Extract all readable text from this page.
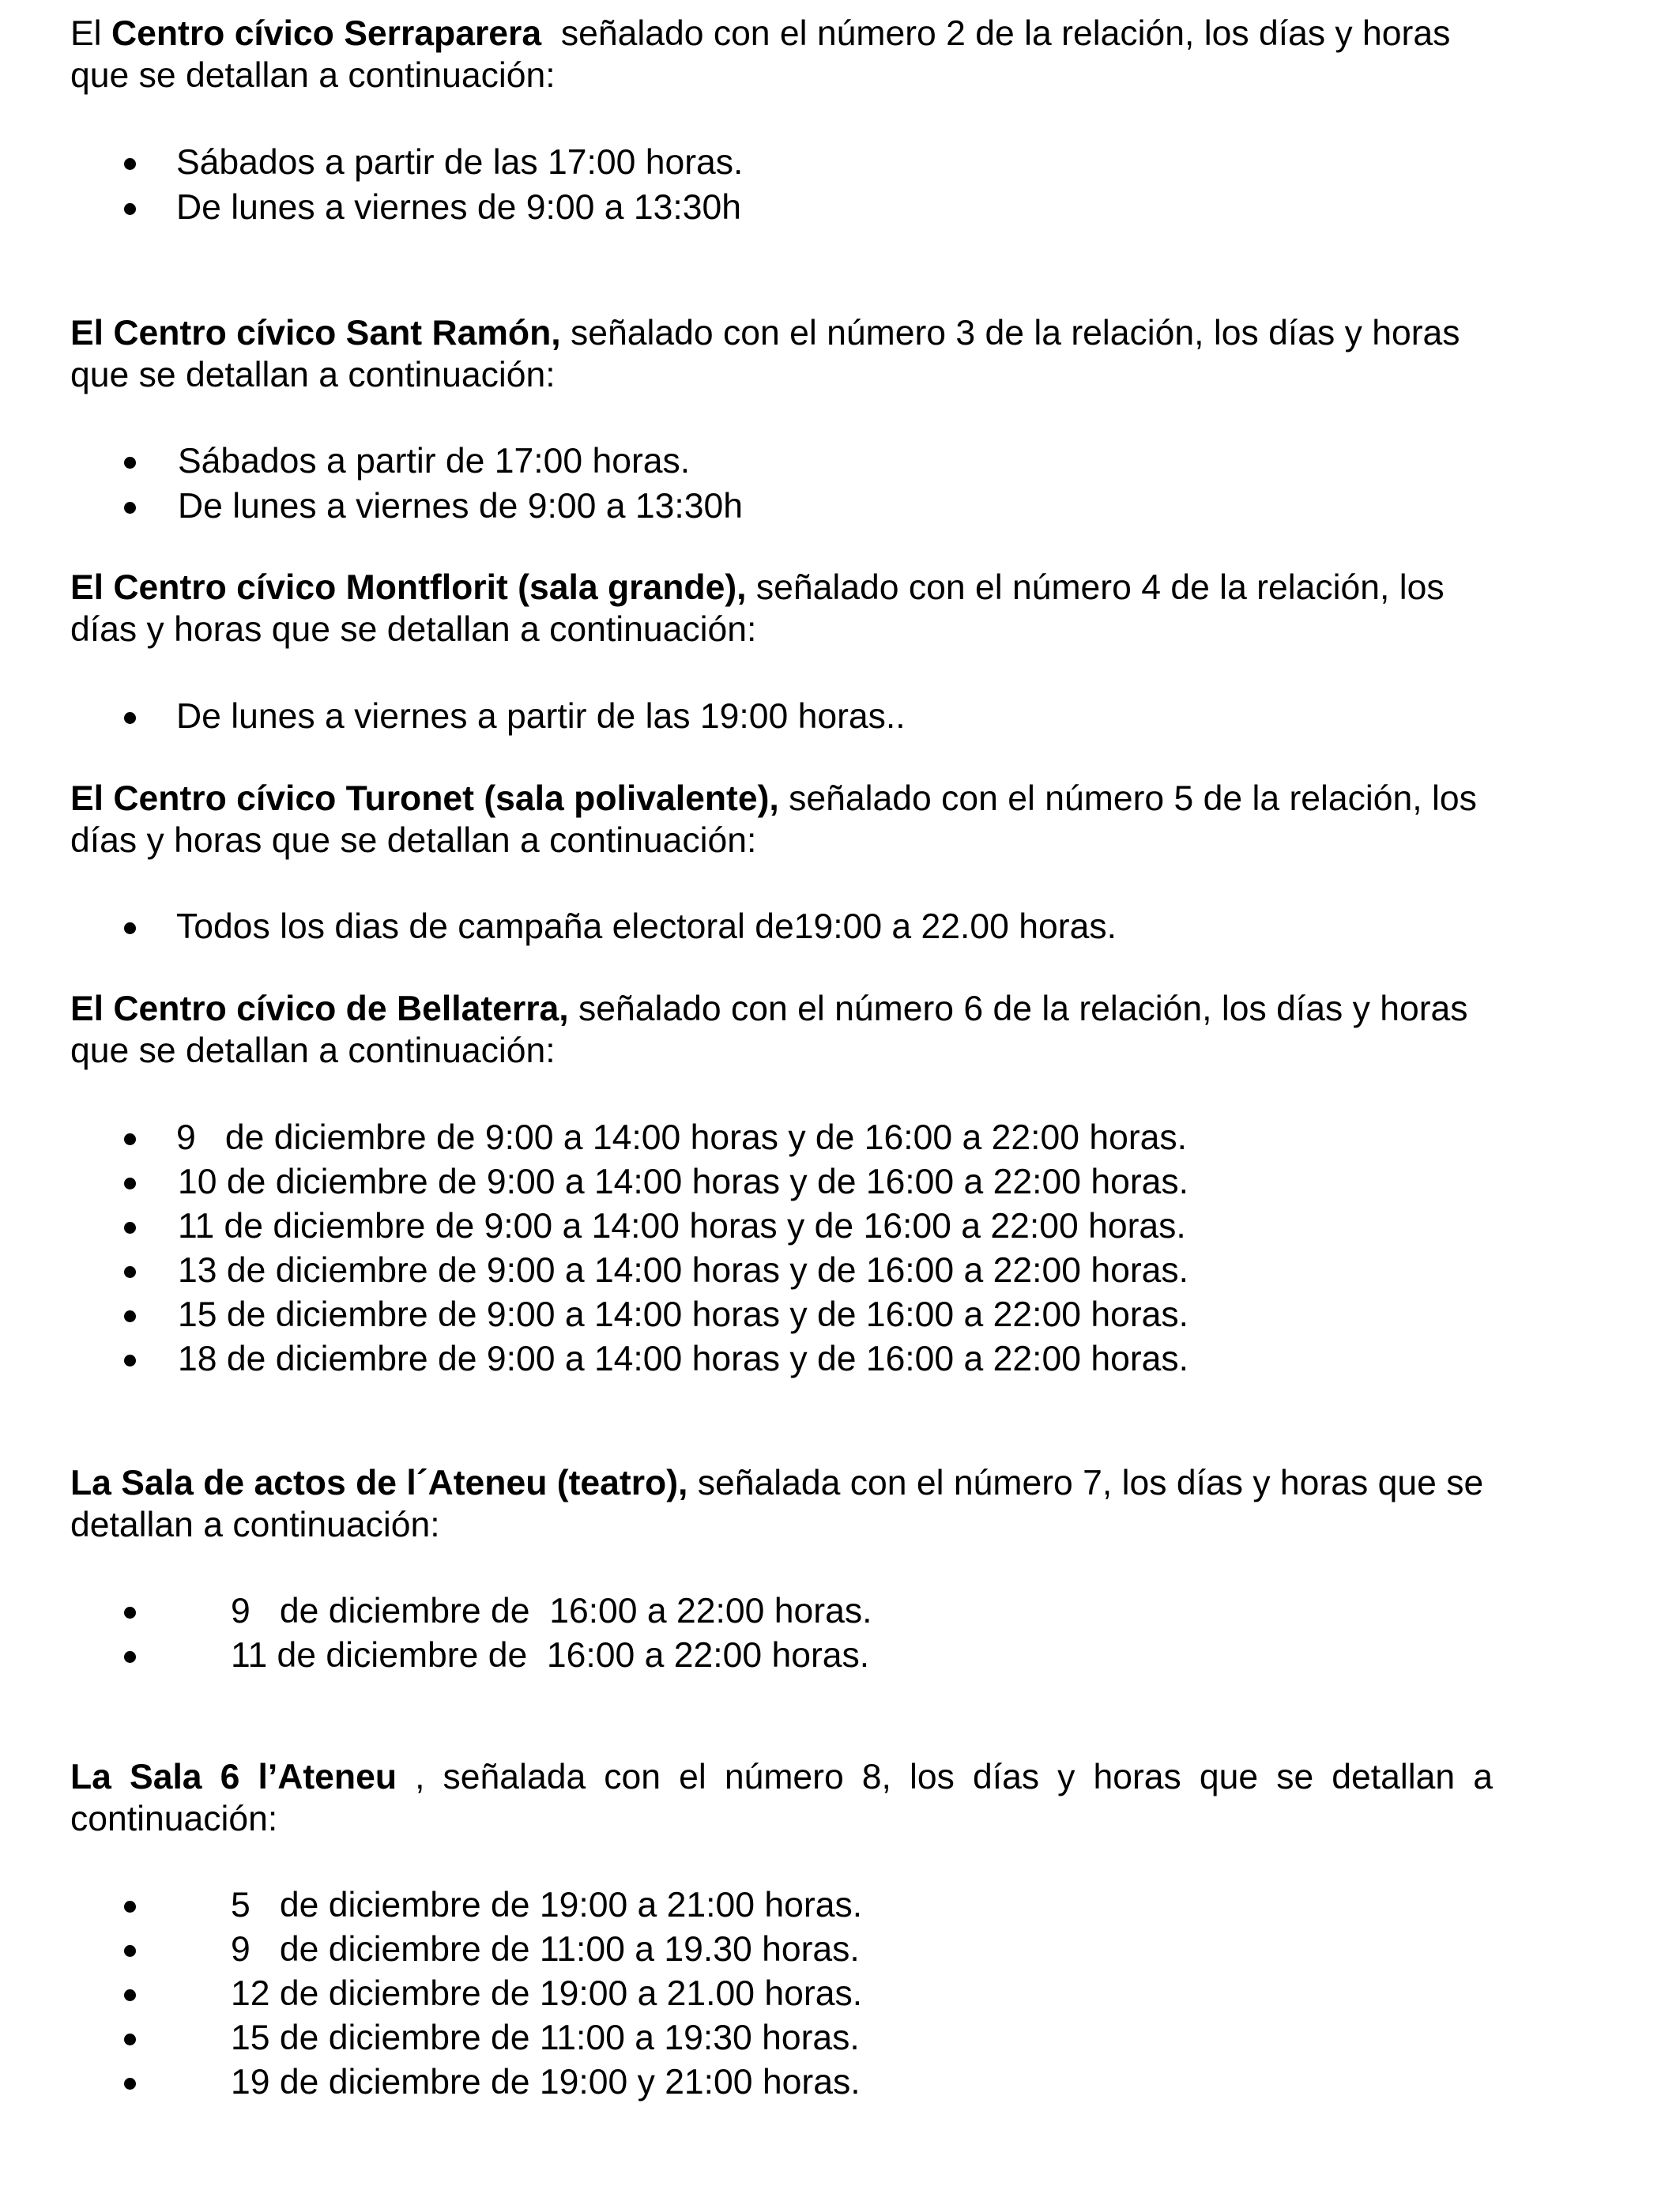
El Centro cívico Serraparera  señalado con el número 2 de la relación, los días y horas que se detallan a continuación:

Sábados a partir de las 17:00 horas.
De lunes a viernes de 9:00 a 13:30h

El Centro cívico Sant Ramón, señalado con el número 3 de la relación, los días y horas que se detallan a continuación:

Sábados a partir de 17:00 horas.
De lunes a viernes de 9:00 a 13:30h

El Centro cívico Montflorit (sala grande), señalado con el número 4 de la relación, los días y horas que se detallan a continuación:

De lunes a viernes a partir de las 19:00 horas..

El Centro cívico Turonet (sala polivalente), señalado con el número 5 de la relación, los días y horas que se detallan a continuación:

Todos los dias de campaña electoral de19:00 a 22.00 horas.

El Centro cívico de Bellaterra, señalado con el número 6 de la relación, los días y horas que se detallan a continuación:

9   de diciembre de 9:00 a 14:00 horas y de 16:00 a 22:00 horas.
10 de diciembre de 9:00 a 14:00 horas y de 16:00 a 22:00 horas.
11 de diciembre de 9:00 a 14:00 horas y de 16:00 a 22:00 horas.
13 de diciembre de 9:00 a 14:00 horas y de 16:00 a 22:00 horas.
15 de diciembre de 9:00 a 14:00 horas y de 16:00 a 22:00 horas.
18 de diciembre de 9:00 a 14:00 horas y de 16:00 a 22:00 horas.

La Sala de actos de l´Ateneu (teatro), señalada con el número 7, los días y horas que se detallan a continuación:

9   de diciembre de  16:00 a 22:00 horas.
11 de diciembre de  16:00 a 22:00 horas.

La Sala 6 l’Ateneu , señalada con el número 8, los días y horas que se detallan a continuación:

5   de diciembre de 19:00 a 21:00 horas.
9   de diciembre de 11:00 a 19.30 horas.
12 de diciembre de 19:00 a 21.00 horas.
15 de diciembre de 11:00 a 19:30 horas.
19 de diciembre de 19:00 y 21:00 horas.
